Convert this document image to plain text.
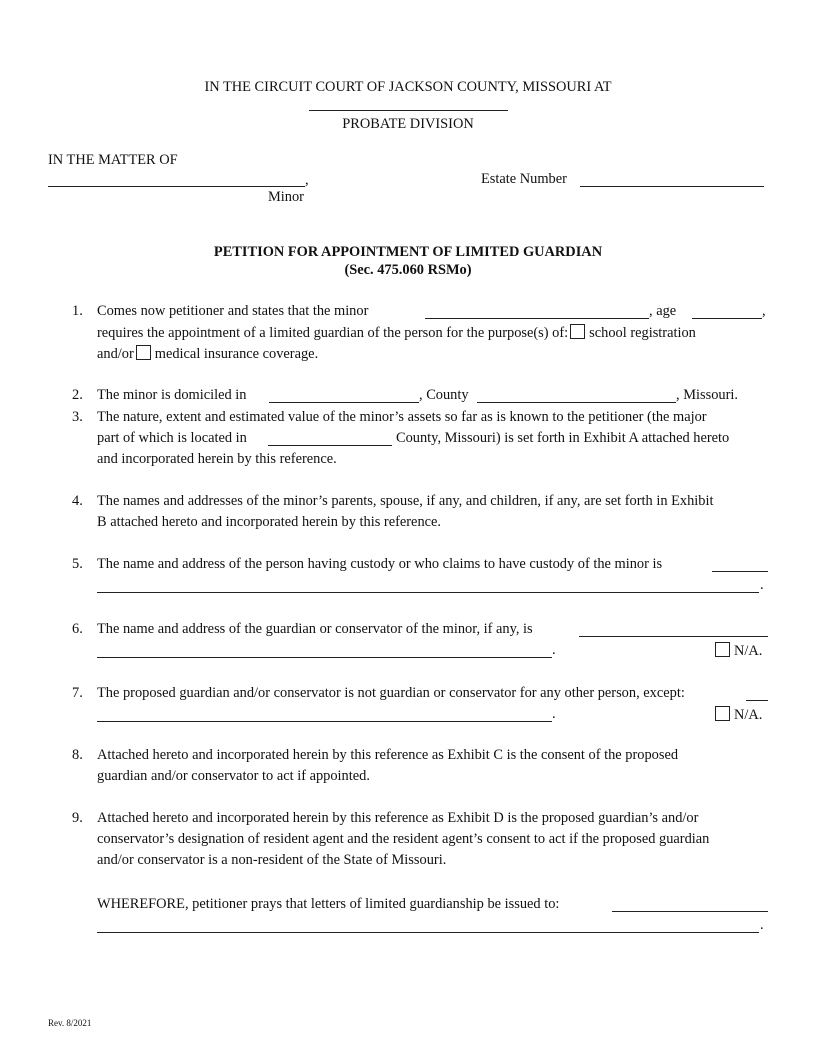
IN THE CIRCUIT COURT OF JACKSON COUNTY, MISSOURI AT
PROBATE DIVISION
IN THE MATTER OF
,	Estate Number
Minor
PETITION FOR APPOINTMENT OF LIMITED GUARDIAN
(Sec. 475.060 RSMo)
1. Comes now petitioner and states that the minor	, age	,
requires the appointment of a limited guardian of the person for the purpose(s) of: school registration
and/or medical insurance coverage.
2. The minor is domiciled in	, County	, Missouri.
3. The nature, extent and estimated value of the minor’s assets so far as is known to the petitioner (the major
part of which is located in	County, Missouri) is set forth in Exhibit A attached hereto
and incorporated herein by this reference.
4. The names and addresses of the minor’s parents, spouse, if any, and children, if any, are set forth in Exhibit
B attached hereto and incorporated herein by this reference.
5. The name and address of the person having custody or who claims to have custody of the minor is
.
6. The name and address of the guardian or conservator of the minor, if any, is
.	N/A.
7. The proposed guardian and/or conservator is not guardian or conservator for any other person, except:
.	N/A.
8. Attached hereto and incorporated herein by this reference as Exhibit C is the consent of the proposed
guardian and/or conservator to act if appointed.
9. Attached hereto and incorporated herein by this reference as Exhibit D is the proposed guardian’s and/or
conservator’s designation of resident agent and the resident agent’s consent to act if the proposed guardian
and/or conservator is a non-resident of the State of Missouri.
WHEREFORE, petitioner prays that letters of limited guardianship be issued to:
.
Rev. 8/2021
